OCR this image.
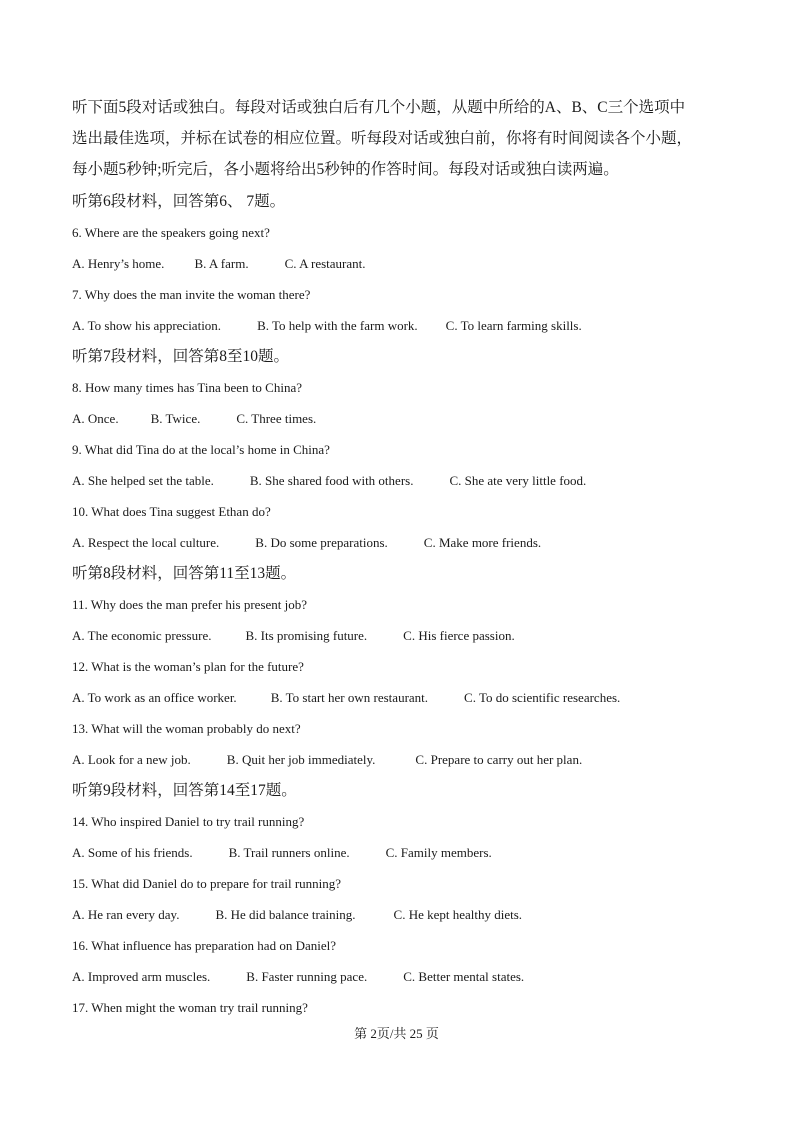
听下面5段对话或独白。每段对话或独白后有几个小题，从题中所给的A、B、C三个选项中
选出最佳选项，并标在试卷的相应位置。听每段对话或独白前，你将有时间阅读各个小题，
每小题5秒钟;听完后，各小题将给出5秒钟的作答时间。每段对话或独白读两遍。

听第6段材料，回答第6、 7题。
6. Where are the speakers going next?
A. Henry’s home. B. A farm.	C. A restaurant.
7. Why does the man invite the woman there?
A. To show his appreciation.	B. To help with the farm work. C. To learn farming skills.
听第7段材料，回答第8至10题。
8. How many times has Tina been to China?
A. Once. B. Twice.	C. Three times.
9. What did Tina do at the local’s home in China?
A. She helped set the table.	B. She shared food with others.	C. She ate very little food.
10. What does Tina suggest Ethan do?
A. Respect the local culture.	B. Do some preparations.	C. Make more friends.
听第8段材料，回答第11至13题。
11. Why does the man prefer his present job?
A. The economic pressure.	B. Its promising future.	C. His fierce passion.
12. What is the woman’s plan for the future?
A. To work as an office worker.	B. To start her own restaurant.	C. To do scientific researches.
13. What will the woman probably do next?
A. Look for a new job.	B. Quit her job immediately.	C. Prepare to carry out her plan.
听第9段材料，回答第14至17题。
14. Who inspired Daniel to try trail running?
A. Some of his friends.	B. Trail runners online.	C. Family members.
15. What did Daniel do to prepare for trail running?
A. He ran every day.	B. He did balance training.	C. He kept healthy diets.
16. What influence has preparation had on Daniel?
A. Improved arm muscles.	B. Faster running pace.	C. Better mental states.
17. When might the woman try trail running?
第 2页/共 25 页
